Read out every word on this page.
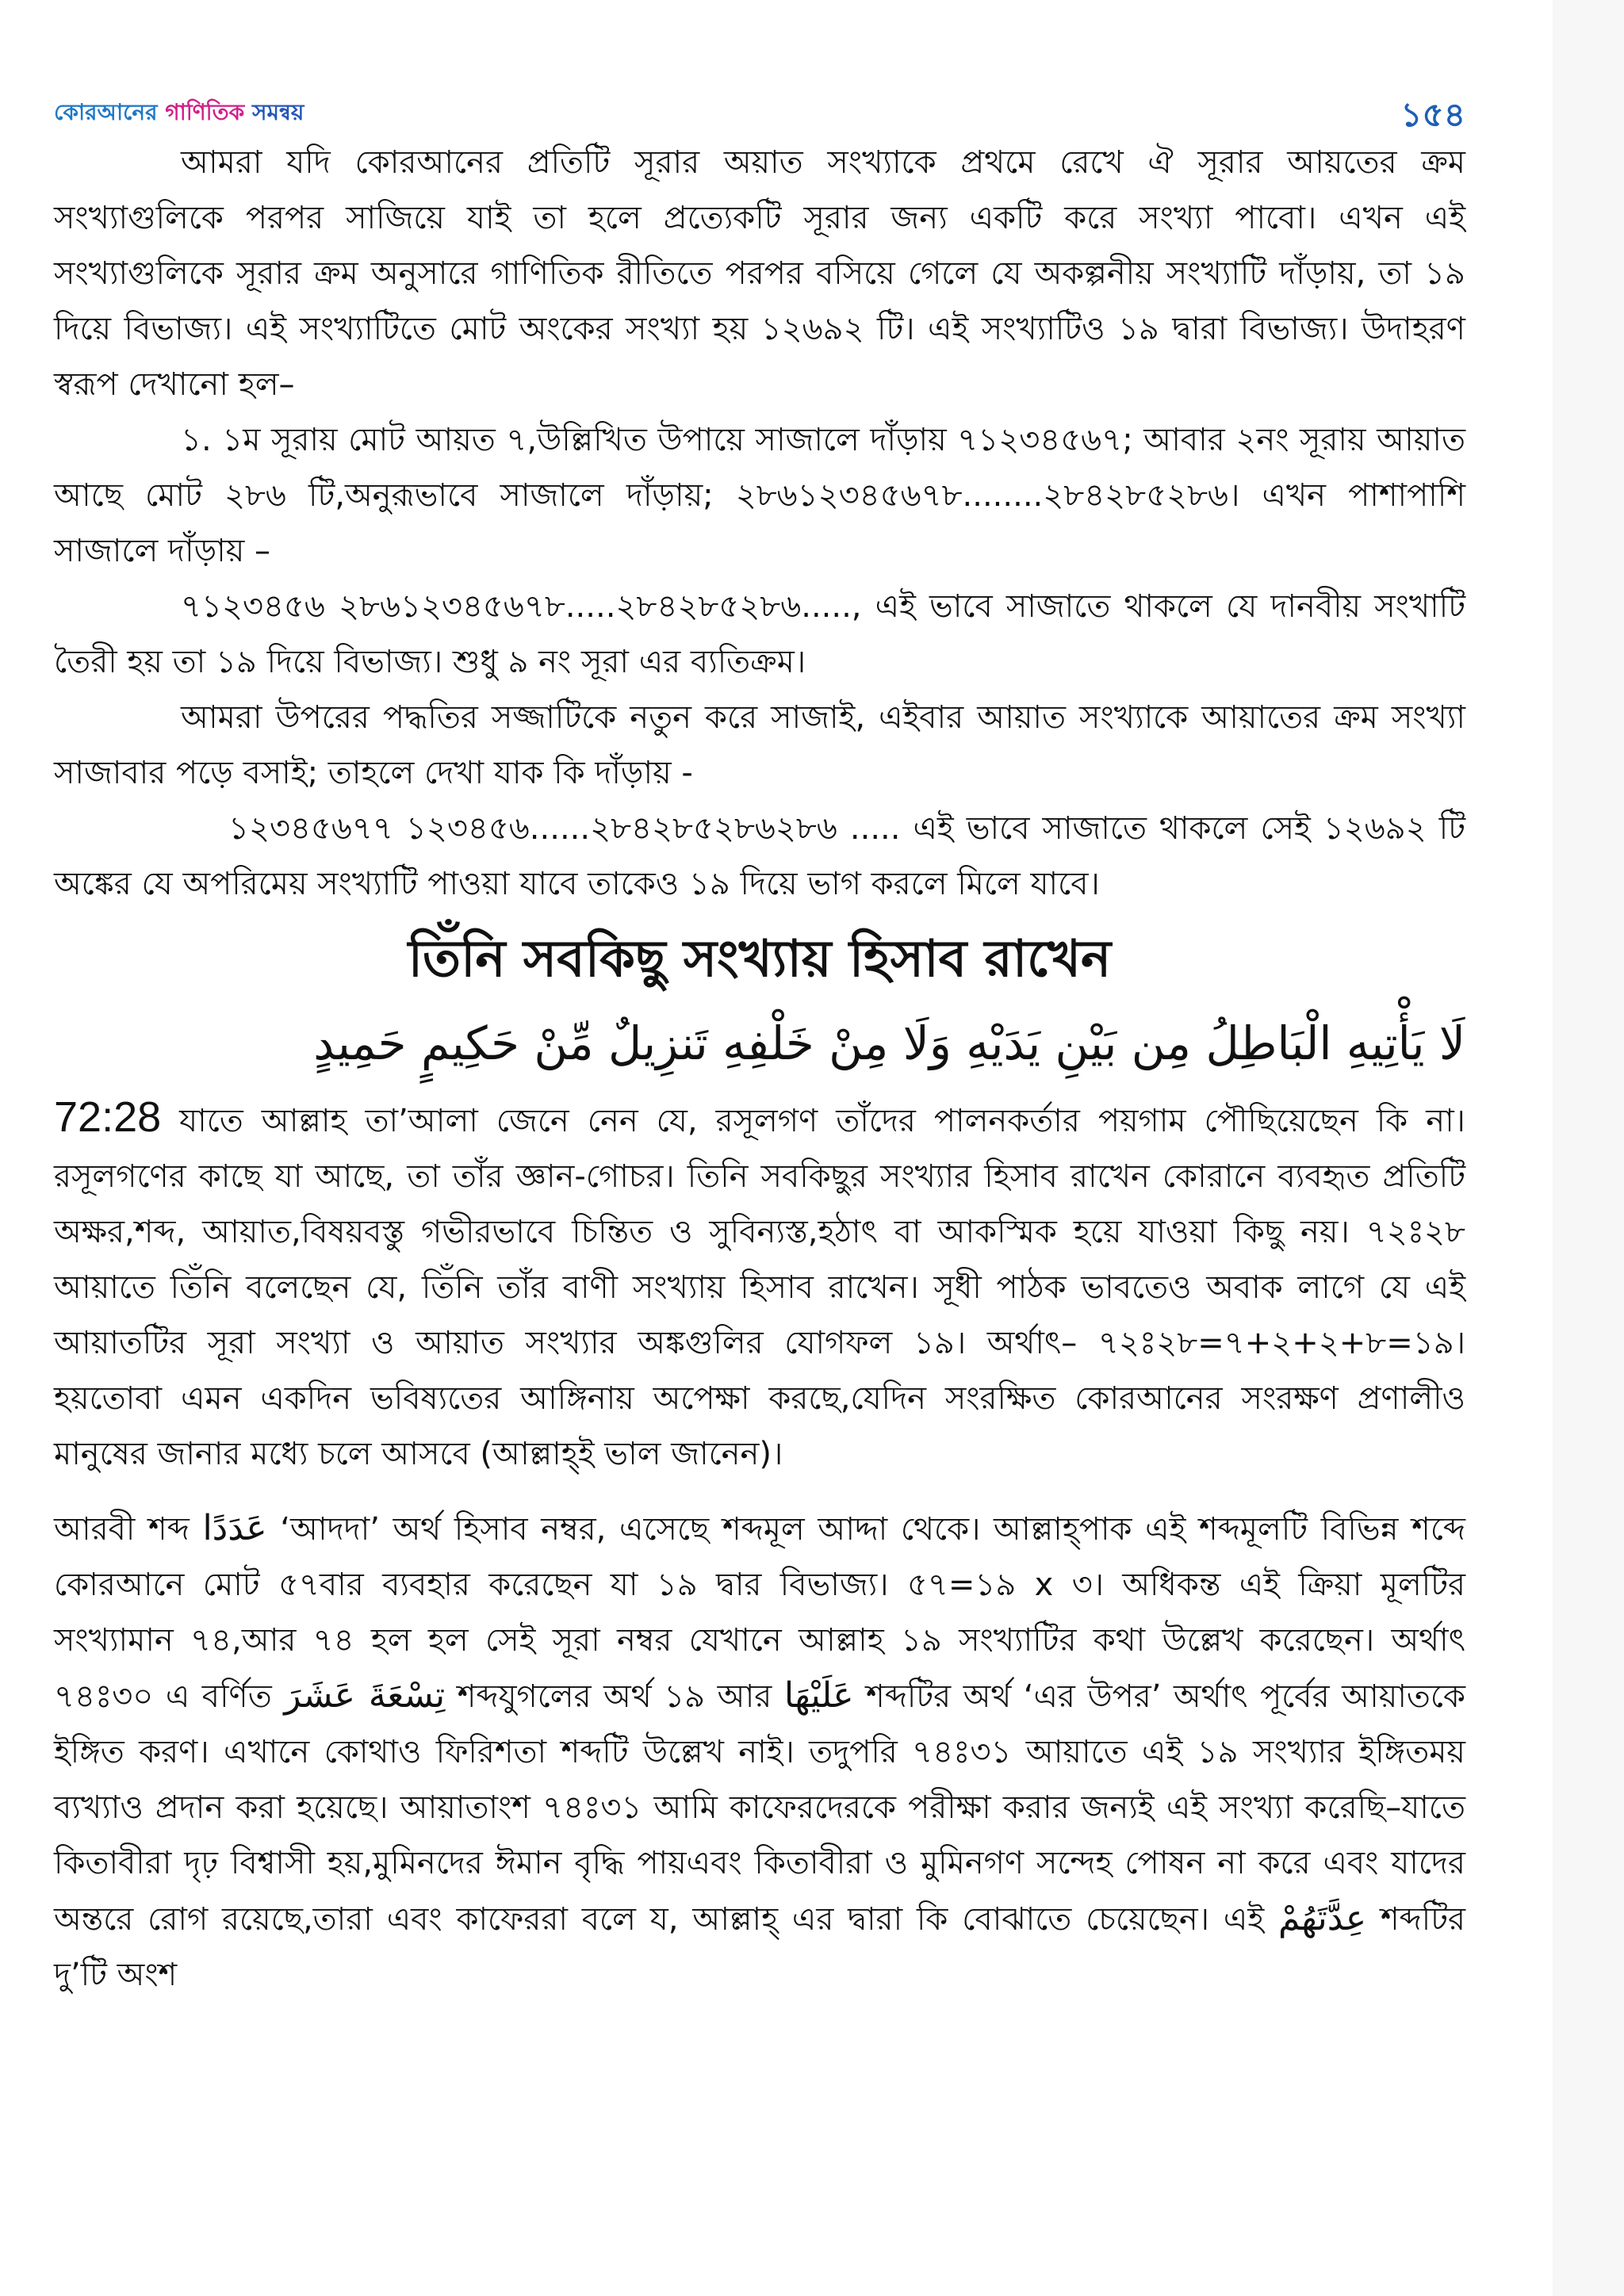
কোরআনের গাণিতিক সমন্বয়	১৫৪

আমরা যদি কোরআনের প্রতিটি সূরার অয়াত সংখ্যাকে প্রথমে রেখে ঐ সূরার আয়তের ক্রম সংখ্যাগুলিকে পরপর সাজিয়ে যাই তা হলে প্রত্যেকটি সূরার জন্য একটি করে সংখ্যা পাবো। এখন এই সংখ্যাগুলিকে সূরার ক্রম অনুসারে গাণিতিক রীতিতে পরপর বসিয়ে গেলে যে অকল্পনীয় সংখ্যাটি দাঁড়ায়, তা ১৯ দিয়ে বিভাজ্য। এই সংখ্যাটিতে মোট অংকের সংখ্যা হয় ১২৬৯২ টি। এই সংখ্যাটিও ১৯ দ্বারা বিভাজ্য। উদাহরণ স্বরূপ দেখানো হল–

১. ১ম সূরায় মোট আয়ত ৭,উল্লিখিত উপায়ে সাজালে দাঁড়ায় ৭১২৩৪৫৬৭; আবার ২নং সূরায় আয়াত আছে মোট ২৮৬ টি,অনুরূভাবে সাজালে দাঁড়ায়; ২৮৬১২৩৪৫৬৭৮........২৮৪২৮৫২৮৬। এখন পাশাপাশি সাজালে দাঁড়ায় –

৭১২৩৪৫৬ ২৮৬১২৩৪৫৬৭৮.....২৮৪২৮৫২৮৬....., এই ভাবে সাজাতে থাকলে যে দানবীয় সংখাটি তৈরী হয় তা ১৯ দিয়ে বিভাজ্য। শুধু ৯ নং সূরা এর ব্যতিক্রম।

আমরা উপরের পদ্ধতির সজ্জাটিকে নতুন করে সাজাই, এইবার আয়াত সংখ্যাকে আয়াতের ক্রম সংখ্যা সাজাবার পড়ে বসাই; তাহলে দেখা যাক কি দাঁড়ায় -

১২৩৪৫৬৭৭ ১২৩৪৫৬......২৮৪২৮৫২৮৬২৮৬ ..... এই ভাবে সাজাতে থাকলে সেই ১২৬৯২ টি অঙ্কের যে অপরিমেয় সংখ্যাটি পাওয়া যাবে তাকেও ১৯ দিয়ে ভাগ করলে মিলে যাবে।

তিঁনি সবকিছু সংখ্যায় হিসাব রাখেন
لَا يَأْتِيهِ الْبَاطِلُ مِن بَيْنِ يَدَيْهِ وَلَا مِنْ خَلْفِهِ تَنزِيلٌ مِّنْ حَكِيمٍ حَمِيدٍ

72:28 যাতে আল্লাহ তা’আলা জেনে নেন যে, রসূলগণ তাঁদের পালনকর্তার পয়গাম পৌছিয়েছেন কি না। রসূলগণের কাছে যা আছে, তা তাঁর জ্ঞান-গোচর। তিনি সবকিছুর সংখ্যার হিসাব রাখেন কোরানে ব্যবহৃত প্রতিটি অক্ষর,শব্দ, আয়াত,বিষয়বস্তু গভীরভাবে চিন্তিত ও সুবিন্যস্ত,হঠাৎ বা আকস্মিক হয়ে যাওয়া কিছু নয়। ৭২ঃ২৮ আয়াতে তিঁনি বলেছেন যে, তিঁনি তাঁর বাণী সংখ্যায় হিসাব রাখেন। সূধী পাঠক ভাবতেও অবাক লাগে যে এই আয়াতটির সূরা সংখ্যা ও আয়াত সংখ্যার অঙ্কগুলির যোগফল ১৯। অর্থাৎ– ৭২ঃ২৮=৭+২+২+৮=১৯। হয়তোবা এমন একদিন ভবিষ্যতের আঙ্গিনায় অপেক্ষা করছে,যেদিন সংরক্ষিত কোরআনের সংরক্ষণ প্রণালীও মানুষের জানার মধ্যে চলে আসবে (আল্লাহ্ই ভাল জানেন)।

আরবী শব্দ عَدَدًا ‘আদদা’ অর্থ হিসাব নম্বর, এসেছে শব্দমূল আদ্দা থেকে। আল্লাহ্পাক এই শব্দমূলটি বিভিন্ন শব্দে কোরআনে মোট ৫৭বার ব্যবহার করেছেন যা ১৯ দ্বার বিভাজ্য। ৫৭=১৯ x ৩। অধিকন্ত এই ক্রিয়া মূলটির সংখ্যামান ৭৪,আর ৭৪ হল হল সেই সূরা নম্বর যেখানে আল্লাহ ১৯ সংখ্যাটির কথা উল্লেখ করেছেন। অর্থাৎ ৭৪ঃ৩০ এ বর্ণিত تِسْعَةَ عَشَرَ শব্দযুগলের অর্থ ১৯ আর عَلَيْهَا শব্দটির অর্থ ‘এর উপর’ অর্থাৎ পূর্বের আয়াতকে ইঙ্গিত করণ। এখানে কোথাও ফিরিশতা শব্দটি উল্লেখ নাই। তদুপরি ৭৪ঃ৩১ আয়াতে এই ১৯ সংখ্যার ইঙ্গিতময় ব্যখ্যাও প্রদান করা হয়েছে। আয়াতাংশ ৭৪ঃ৩১ আমি কাফেরদেরকে পরীক্ষা করার জন্যই এই সংখ্যা করেছি–যাতে কিতাবীরা দৃঢ় বিশ্বাসী হয়,মুমিনদের ঈমান বৃদ্ধি পায়এবং কিতাবীরা ও মুমিনগণ সন্দেহ পোষন না করে এবং যাদের অন্তরে রোগ রয়েছে,তারা এবং কাফেররা বলে য, আল্লাহ্ এর দ্বারা কি বোঝাতে চেয়েছেন। এই عِدَّتَهُمْ শব্দটির দু’টি অংশ
